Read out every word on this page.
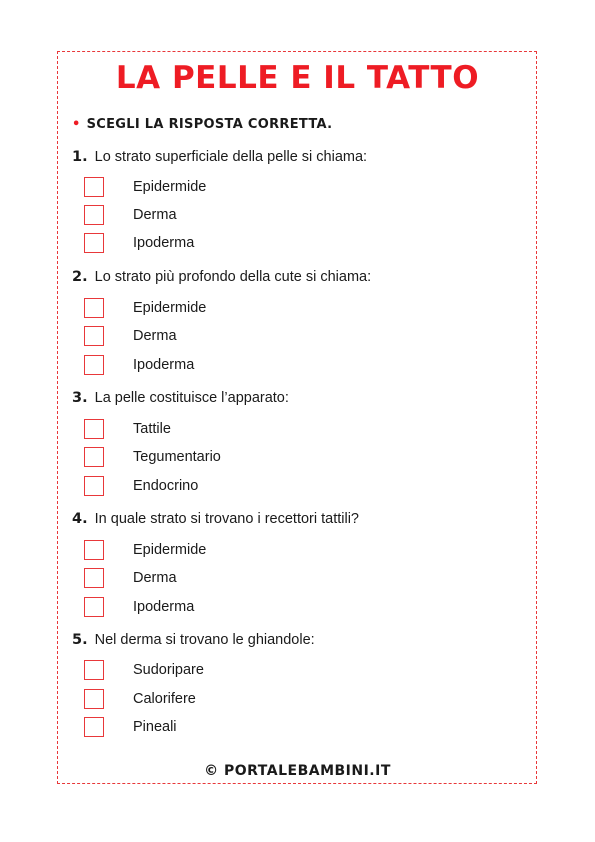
LA PELLE E IL TATTO
• SCEGLI LA RISPOSTA CORRETTA.
1. Lo strato superficiale della pelle si chiama:
Epidermide
Derma
Ipoderma
2. Lo strato più profondo della cute si chiama:
Epidermide
Derma
Ipoderma
3. La pelle costituisce l’apparato:
Tattile
Tegumentario
Endocrino
4. In quale strato si trovano i recettori tattili?
Epidermide
Derma
Ipoderma
5. Nel derma si trovano le ghiandole:
Sudoripare
Calorifere
Pineali
© PORTALEBAMBINI.IT
